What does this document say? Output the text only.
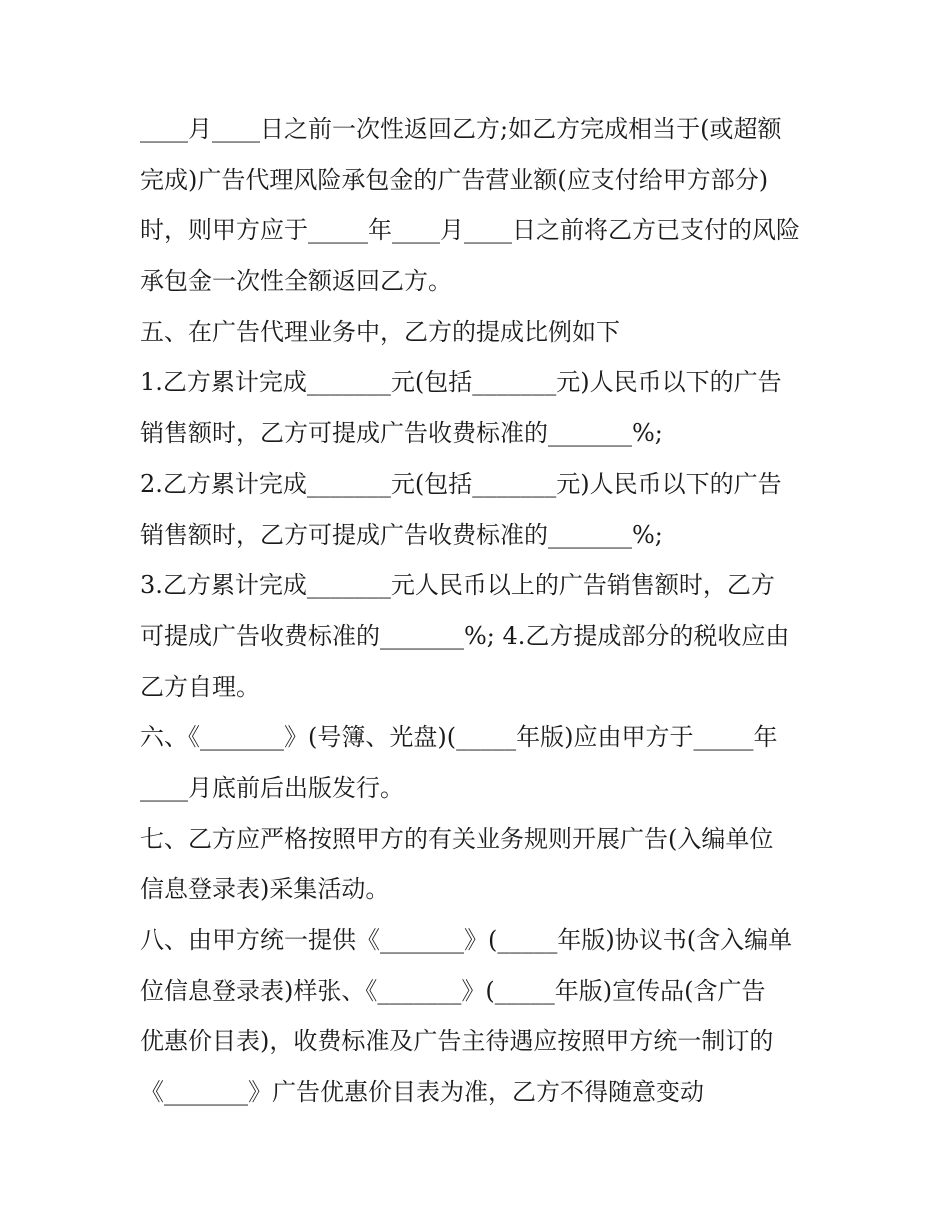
____月____日之前一次性返回乙方;如乙方完成相当于(或超额
完成)广告代理风险承包金的广告营业额(应支付给甲方部分)
时，则甲方应于_____年____月____日之前将乙方已支付的风险
承包金一次性全额返回乙方。
五、在广告代理业务中，乙方的提成比例如下
1.乙方累计完成_______元(包括_______元)人民币以下的广告
销售额时，乙方可提成广告收费标准的_______%;
2.乙方累计完成_______元(包括_______元)人民币以下的广告
销售额时，乙方可提成广告收费标准的_______%;
3.乙方累计完成_______元人民币以上的广告销售额时，乙方
可提成广告收费标准的_______%; 4.乙方提成部分的税收应由
乙方自理。
六、《_______》(号簿、光盘)(_____年版)应由甲方于_____年
____月底前后出版发行。
七、乙方应严格按照甲方的有关业务规则开展广告(入编单位
信息登录表)采集活动。
八、由甲方统一提供《_______》(_____年版)协议书(含入编单
位信息登录表)样张、《_______》(_____年版)宣传品(含广告
优惠价目表)，收费标准及广告主待遇应按照甲方统一制订的
《_______》广告优惠价目表为准，乙方不得随意变动
